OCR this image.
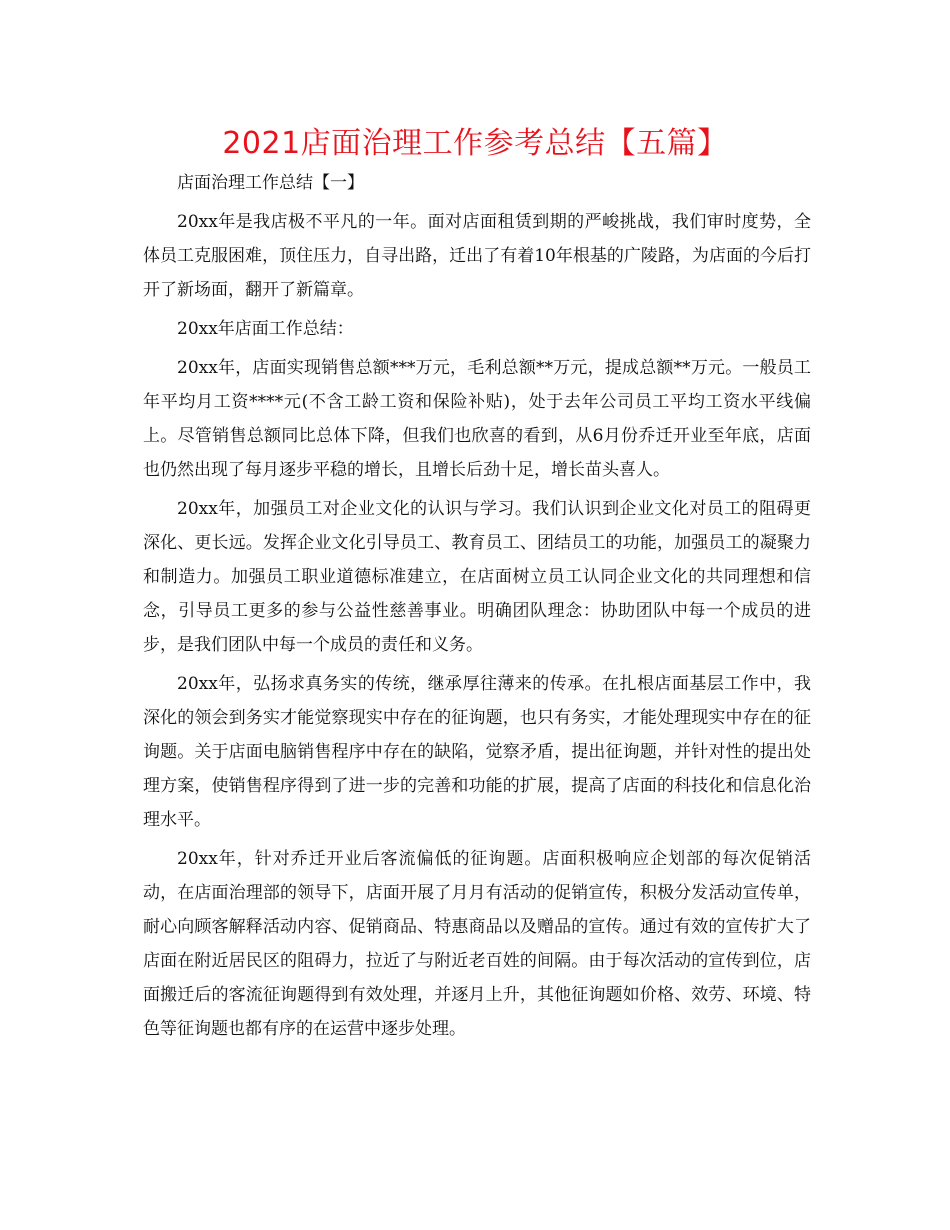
2021店面治理工作参考总结【五篇】

店面治理工作总结【一】

20xx年是我店极不平凡的一年。面对店面租赁到期的严峻挑战，我们审时度势，全体员工克服困难，顶住压力，自寻出路，迁出了有着10年根基的广陵路，为店面的今后打开了新场面，翻开了新篇章。

20xx年店面工作总结：

20xx年，店面实现销售总额***万元，毛利总额**万元，提成总额**万元。一般员工年平均月工资****元(不含工龄工资和保险补贴)，处于去年公司员工平均工资水平线偏上。尽管销售总额同比总体下降，但我们也欣喜的看到，从6月份乔迁开业至年底，店面也仍然出现了每月逐步平稳的增长，且增长后劲十足，增长苗头喜人。

20xx年，加强员工对企业文化的认识与学习。我们认识到企业文化对员工的阻碍更深化、更长远。发挥企业文化引导员工、教育员工、团结员工的功能，加强员工的凝聚力和制造力。加强员工职业道德标准建立，在店面树立员工认同企业文化的共同理想和信念，引导员工更多的参与公益性慈善事业。明确团队理念：协助团队中每一个成员的进步，是我们团队中每一个成员的责任和义务。

20xx年，弘扬求真务实的传统，继承厚往薄来的传承。在扎根店面基层工作中，我深化的领会到务实才能觉察现实中存在的征询题，也只有务实，才能处理现实中存在的征询题。关于店面电脑销售程序中存在的缺陷，觉察矛盾，提出征询题，并针对性的提出处理方案，使销售程序得到了进一步的完善和功能的扩展，提高了店面的科技化和信息化治理水平。

20xx年，针对乔迁开业后客流偏低的征询题。店面积极响应企划部的每次促销活动，在店面治理部的领导下，店面开展了月月有活动的促销宣传，积极分发活动宣传单，耐心向顾客解释活动内容、促销商品、特惠商品以及赠品的宣传。通过有效的宣传扩大了店面在附近居民区的阻碍力，拉近了与附近老百姓的间隔。由于每次活动的宣传到位，店面搬迁后的客流征询题得到有效处理，并逐月上升，其他征询题如价格、效劳、环境、特色等征询题也都有序的在运营中逐步处理。
